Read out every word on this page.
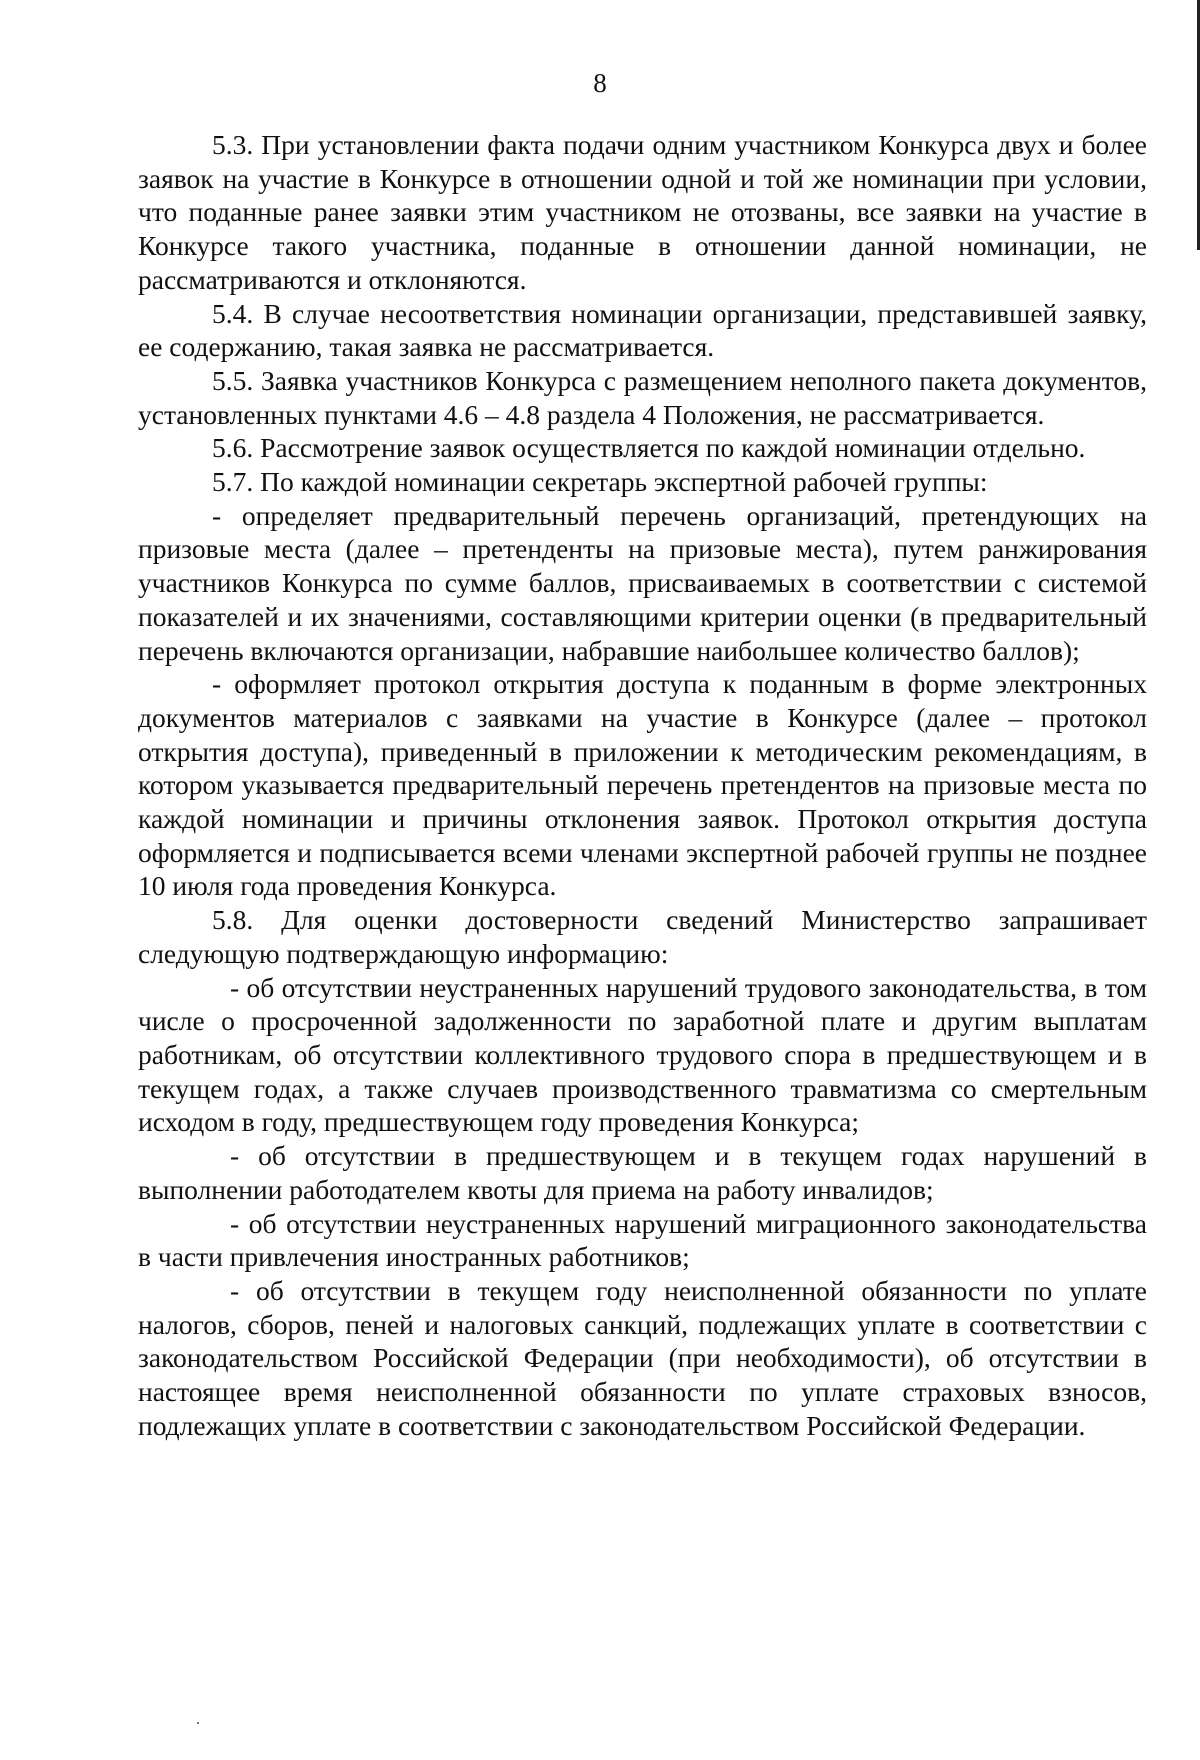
8

5.3. При установлении факта подачи одним участником Конкурса двух и более заявок на участие в Конкурсе в отношении одной и той же номинации при условии, что поданные ранее заявки этим участником не отозваны, все заявки на участие в Конкурсе такого участника, поданные в отношении данной номинации, не рассматриваются и отклоняются.

5.4. В случае несоответствия номинации организации, представившей заявку, ее содержанию, такая заявка не рассматривается.

5.5. Заявка участников Конкурса с размещением неполного пакета документов, установленных пунктами 4.6 – 4.8 раздела 4 Положения, не рассматривается.

5.6. Рассмотрение заявок осуществляется по каждой номинации отдельно.

5.7. По каждой номинации секретарь экспертной рабочей группы:

- определяет предварительный перечень организаций, претендующих на призовые места (далее – претенденты на призовые места), путем ранжирования участников Конкурса по сумме баллов, присваиваемых в соответствии с системой показателей и их значениями, составляющими критерии оценки (в предварительный перечень включаются организации, набравшие наибольшее количество баллов);

- оформляет протокол открытия доступа к поданным в форме электронных документов материалов с заявками на участие в Конкурсе (далее – протокол открытия доступа), приведенный в приложении к методическим рекомендациям, в котором указывается предварительный перечень претендентов на призовые места по каждой номинации и причины отклонения заявок. Протокол открытия доступа оформляется и подписывается всеми членами экспертной рабочей группы не позднее 10 июля года проведения Конкурса.

5.8. Для оценки достоверности сведений Министерство запрашивает следующую подтверждающую информацию:

- об отсутствии неустраненных нарушений трудового законодательства, в том числе о просроченной задолженности по заработной плате и другим выплатам работникам, об отсутствии коллективного трудового спора в предшествующем и в текущем годах, а также случаев производственного травматизма со смертельным исходом в году, предшествующем году проведения Конкурса;

- об отсутствии в предшествующем и в текущем годах нарушений в выполнении работодателем квоты для приема на работу инвалидов;

- об отсутствии неустраненных нарушений миграционного законодательства в части привлечения иностранных работников;

- об отсутствии в текущем году неисполненной обязанности по уплате налогов, сборов, пеней и налоговых санкций, подлежащих уплате в соответствии с законодательством Российской Федерации (при необходимости), об отсутствии в настоящее время неисполненной обязанности по уплате страховых взносов, подлежащих уплате в соответствии с законодательством Российской Федерации.
